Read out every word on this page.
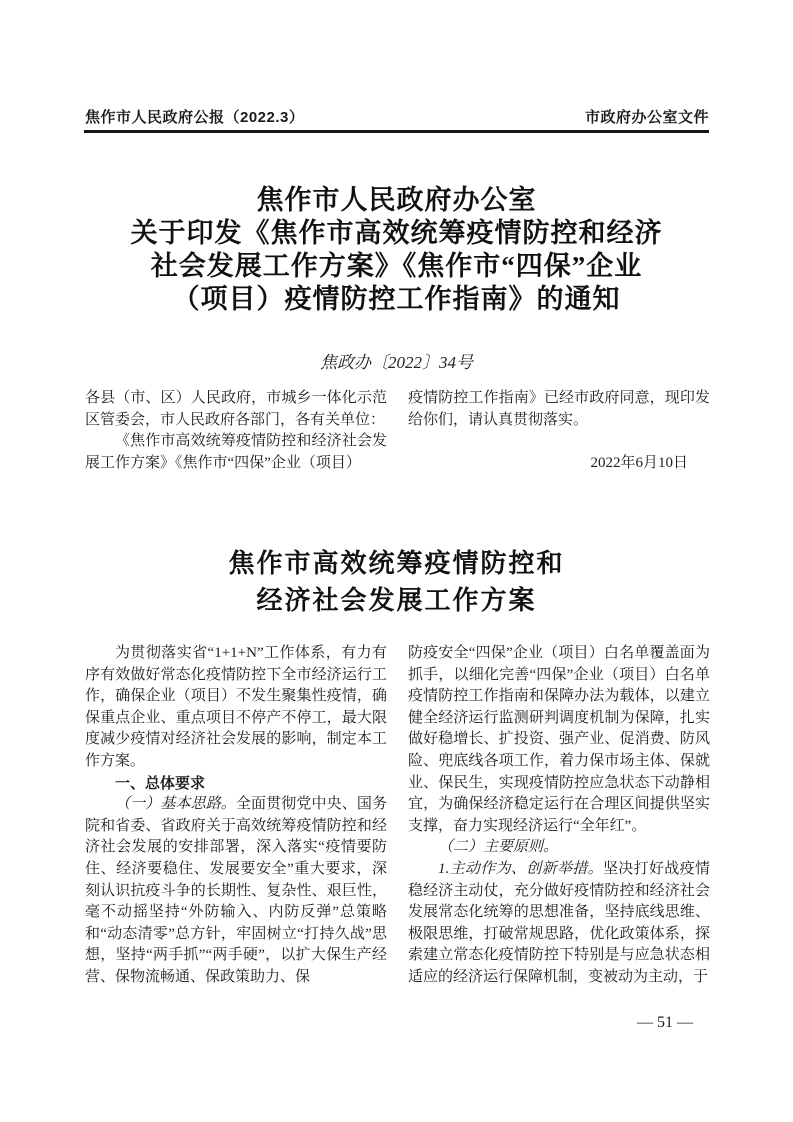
焦作市人民政府公报（2022.3）	市政府办公室文件
焦作市人民政府办公室
关于印发《焦作市高效统筹疫情防控和经济
社会发展工作方案》《焦作市“四保”企业
（项目）疫情防控工作指南》的通知
焦政办〔2022〕34号

各县（市、区）人民政府，市城乡一体化示范区管委会，市人民政府各部门，各有关单位：

《焦作市高效统筹疫情防控和经济社会发展工作方案》《焦作市“四保”企业（项目）

疫情防控工作指南》已经市政府同意，现印发给你们，请认真贯彻落实。

2022年6月10日

焦作市高效统筹疫情防控和
经济社会发展工作方案

为贯彻落实省“1+1+N”工作体系，有力有序有效做好常态化疫情防控下全市经济运行工作，确保企业（项目）不发生聚集性疫情，确保重点企业、重点项目不停产不停工，最大限度减少疫情对经济社会发展的影响，制定本工作方案。

一、总体要求

（一）基本思路。全面贯彻党中央、国务院和省委、省政府关于高效统筹疫情防控和经济社会发展的安排部署，深入落实“疫情要防住、经济要稳住、发展要安全”重大要求，深刻认识抗疫斗争的长期性、复杂性、艰巨性，毫不动摇坚持“外防输入、内防反弹”总策略和“动态清零”总方针，牢固树立“打持久战”思想，坚持“两手抓”“两手硬”，以扩大保生产经营、保物流畅通、保政策助力、保

防疫安全“四保”企业（项目）白名单覆盖面为抓手，以细化完善“四保”企业（项目）白名单疫情防控工作指南和保障办法为载体，以建立健全经济运行监测研判调度机制为保障，扎实做好稳增长、扩投资、强产业、促消费、防风险、兜底线各项工作，着力保市场主体、保就业、保民生，实现疫情防控应急状态下动静相宜，为确保经济稳定运行在合理区间提供坚实支撑，奋力实现经济运行“全年红”。

（二）主要原则。

1.主动作为、创新举措。坚决打好战疫情稳经济主动仗，充分做好疫情防控和经济社会发展常态化统筹的思想准备，坚持底线思维、极限思维，打破常规思路，优化政策体系，探索建立常态化疫情防控下特别是与应急状态相适应的经济运行保障机制，变被动为主动，于

— 51 —
